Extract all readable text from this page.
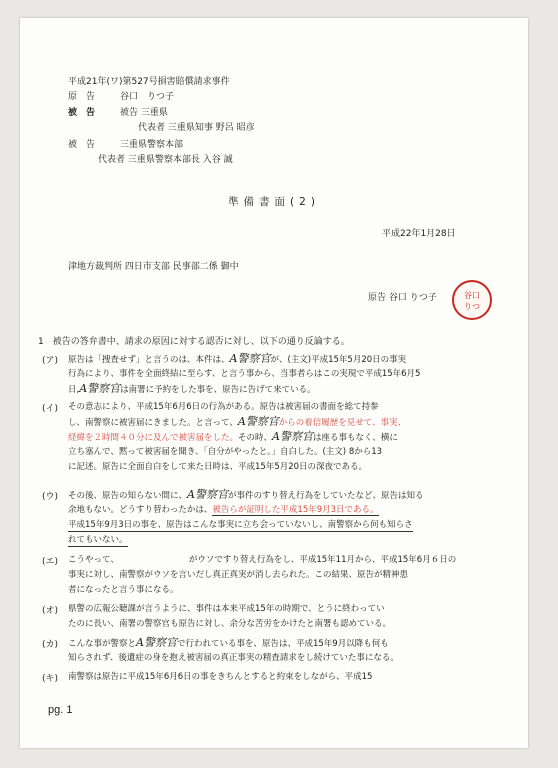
平成21年(ワ)第527号損害賠償請求事件
原　告	谷口　りつ子
被　告	被告 三重県
代表者 三重県知事 野呂 昭彦
被　告	三重県警察本部
代表者 三重県警察本部長 入谷 誠
準備書面(2)
平成22年1月28日
津地方裁判所 四日市支部 民事部二係 御中
原告 谷口 りつ子	谷口
りつ
1　被告の答弁書中、請求の原因に対する認否に対し、以下の通り反論する。
(ア) 原告は「捜査せず」と言うのは、本件は、A警察官が、(主文)平成15年5月20日の事実
行為により、事件を全面終結に至らす、と言う事から、当事者らはこの実現で平成15年6月5
日,A警察官は南署に予約をした事を、原告に告げて来ている。
(イ) その意志により、平成15年6月6日の行為がある。原告は被害届の書面を総て持参
し、南警察に被害届にきました。と言って、A警察官からの着信履歴を見せて、事実、
経緯を２時間４０分に及んで被害届をした。その時、A警察官は座る事もなく、横に
立ち塞んで、黙って被害届を聞き、「自分がやったと。」自白した。(主文) 8から13
に記述。原告に全面自白をして来た日時は、平成15年5月20日の深夜である。
(ウ) その後、原告の知らない間に、A警察官が事件のすり替え行為をしていたなど、原告は知る
余地もない。どうすり替わったかは、被告らが証明した平成15年9月3日である。
平成15年9月3日の事を、原告はこんな事実に立ち会っていないし、南警察から何も知らさ
れてもいない。
(エ) こうやって、	がウソですり替え行為をし、平成15年11月から、平成15年6月６日の
事実に対し、南警察がウソを言いだし真正真実が消し去られた。この結果、原告が精神患
者になったと言う事になる。
(オ) 県警の広報公聴課が言うように、事件は本来平成15年の時期で、とうに終わってい
たのに長い、南署の警察官も原告に対し、余分な苦労をかけたと南署も認めている。
(カ) こんな事が警察とA警察官で行われている事を、原告は、平成15年9月以降も何も
知らされず、後遺症の身を抱え被害届の真正事実の精査請求をし続けていた事になる。
(キ) 南警察は原告に平成15年6月6日の事をきちんとすると約束をしながら、平成15
pg. 1
